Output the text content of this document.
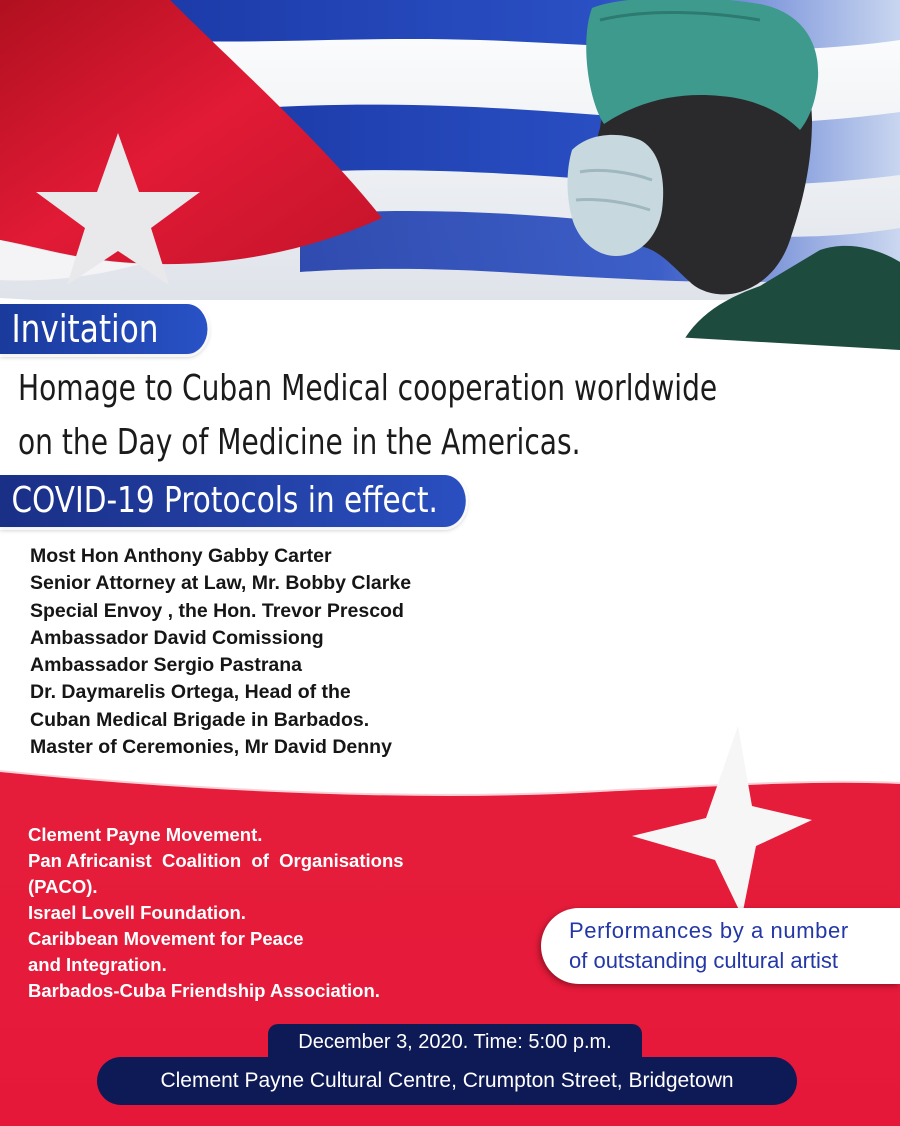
Invitation
Homage to Cuban Medical cooperation worldwide
on the Day of Medicine in the Americas.
COVID-19 Protocols in effect.
Most Hon Anthony Gabby Carter
Senior Attorney at Law, Mr. Bobby Clarke
Special Envoy , the Hon. Trevor Prescod
Ambassador David Comissiong
Ambassador Sergio Pastrana
Dr. Daymarelis Ortega, Head of the
Cuban Medical Brigade in Barbados.
Master of Ceremonies, Mr David Denny
Clement Payne Movement.
Pan Africanist  Coalition  of  Organisations
(PACO).
Israel Lovell Foundation.
Caribbean Movement for Peace
and Integration.
Barbados-Cuba Friendship Association.
Performances by a number
of outstanding cultural artist
December 3, 2020. Time: 5:00 p.m.
Clement Payne Cultural Centre, Crumpton Street, Bridgetown
